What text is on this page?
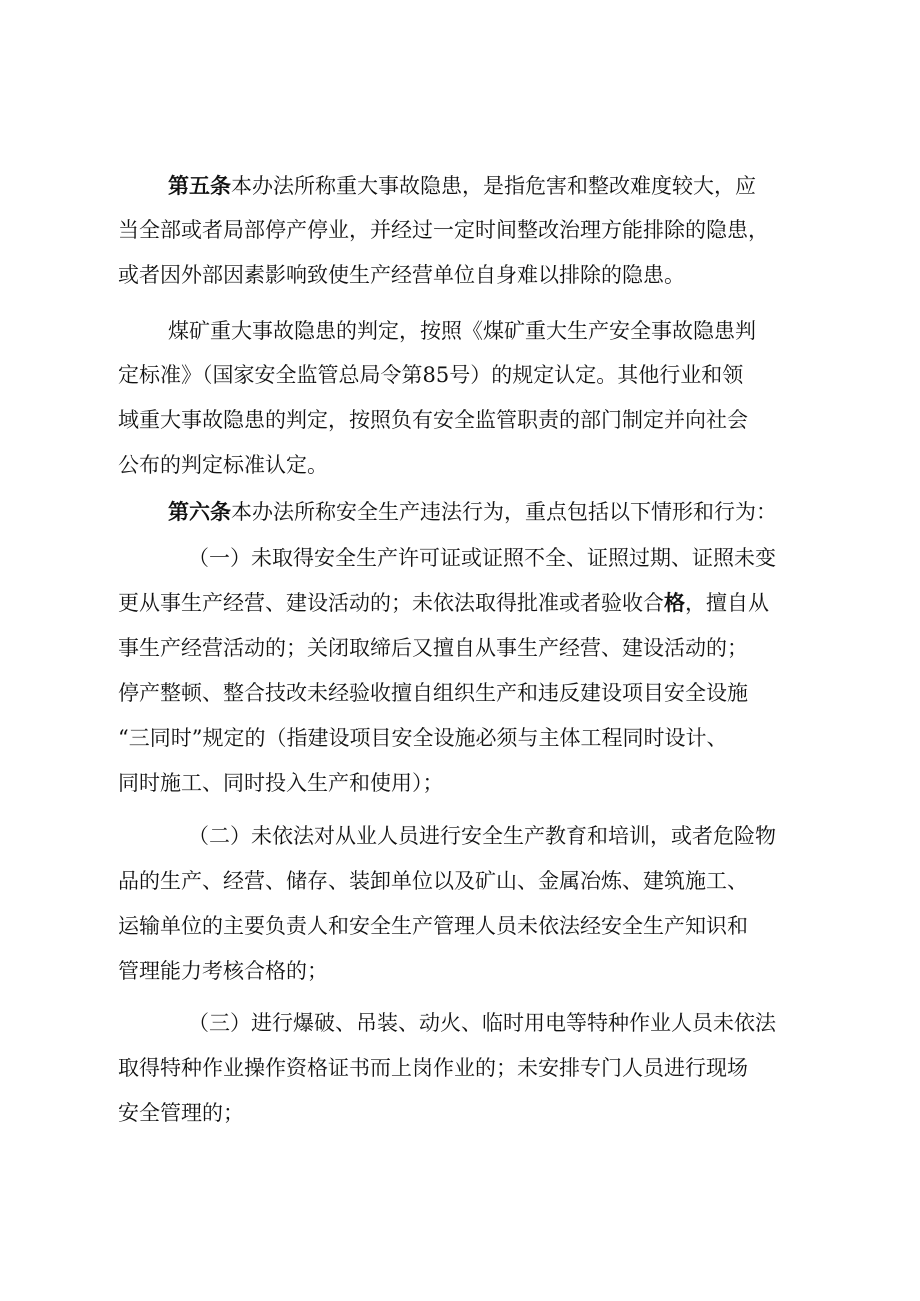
第五条本办法所称重大事故隐患，是指危害和整改难度较大，应

当全部或者局部停产停业，并经过一定时间整改治理方能排除的隐患，

或者因外部因素影响致使生产经营单位自身难以排除的隐患。

煤矿重大事故隐患的判定，按照《煤矿重大生产安全事故隐患判

定标准》（国家安全监管总局令第85号）的规定认定。其他行业和领

域重大事故隐患的判定，按照负有安全监管职责的部门制定并向社会

公布的判定标准认定。

第六条本办法所称安全生产违法行为，重点包括以下情形和行为：

（一）未取得安全生产许可证或证照不全、证照过期、证照未变

更从事生产经营、建设活动的；未依法取得批准或者验收合格，擅自从

事生产经营活动的；关闭取缔后又擅自从事生产经营、建设活动的；

停产整顿、整合技改未经验收擅自组织生产和违反建设项目安全设施

“三同时”规定的（指建设项目安全设施必须与主体工程同时设计、

同时施工、同时投入生产和使用）；

（二）未依法对从业人员进行安全生产教育和培训，或者危险物

品的生产、经营、储存、装卸单位以及矿山、金属冶炼、建筑施工、

运输单位的主要负责人和安全生产管理人员未依法经安全生产知识和

管理能力考核合格的；

（三）进行爆破、吊装、动火、临时用电等特种作业人员未依法

取得特种作业操作资格证书而上岗作业的；未安排专门人员进行现场

安全管理的；
